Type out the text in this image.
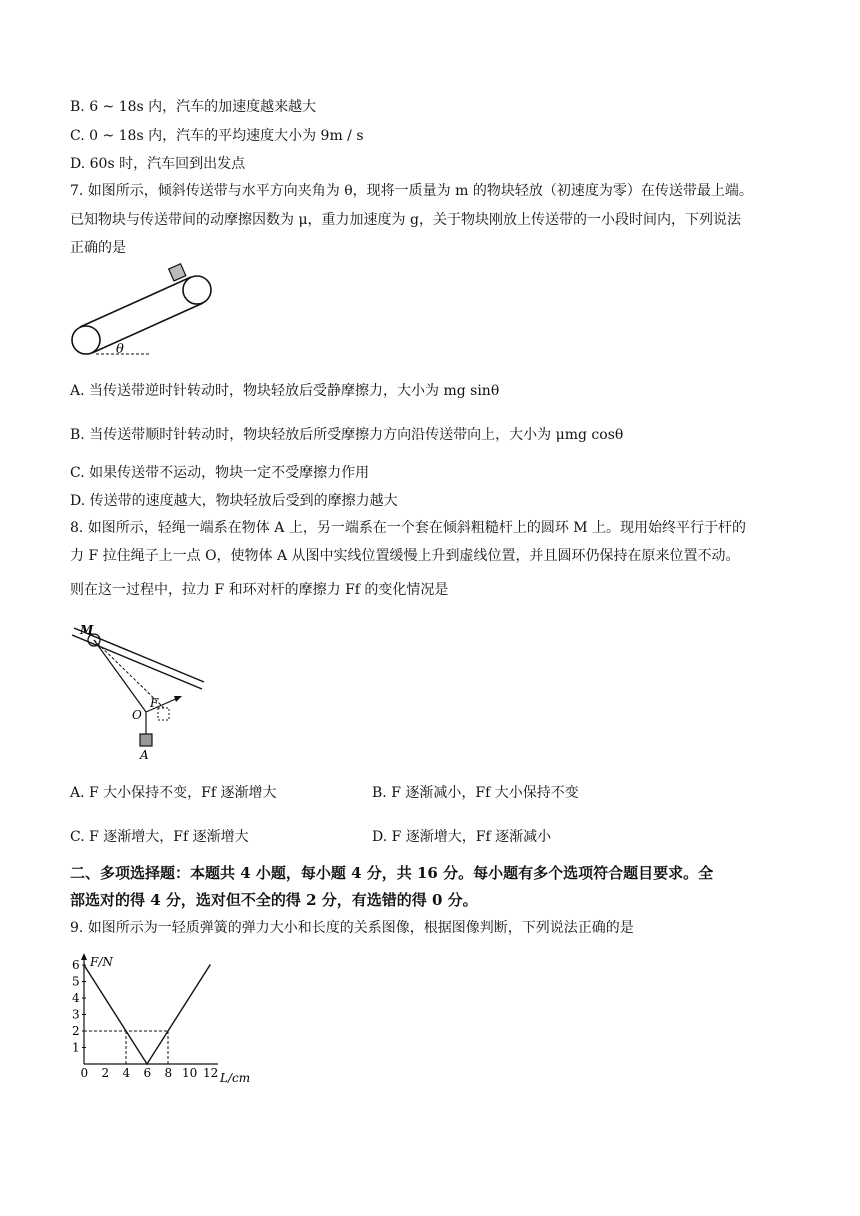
B. 6 ~ 18s 内，汽车的加速度越来越大
C. 0 ~ 18s 内，汽车的平均速度大小为 9m / s
D. 60s 时，汽车回到出发点
7. 如图所示，倾斜传送带与水平方向夹角为 θ，现将一质量为 m 的物块轻放（初速度为零）在传送带最上端。
已知物块与传送带间的动摩擦因数为 μ，重力加速度为 g，关于物块刚放上传送带的一小段时间内，下列说法
正确的是
θ
A. 当传送带逆时针转动时，物块轻放后受静摩擦力，大小为 mg sinθ
B. 当传送带顺时针转动时，物块轻放后所受摩擦力方向沿传送带向上，大小为 μmg cosθ
C. 如果传送带不运动，物块一定不受摩擦力作用
D. 传送带的速度越大，物块轻放后受到的摩擦力越大
8. 如图所示，轻绳一端系在物体 A 上，另一端系在一个套在倾斜粗糙杆上的圆环 M 上。现用始终平行于杆的
力 F 拉住绳子上一点 O，使物体 A 从图中实线位置缓慢上升到虚线位置，并且圆环仍保持在原来位置不动。
则在这一过程中，拉力 F 和环对杆的摩擦力 Ff 的变化情况是
M
F
O
A
A. F 大小保持不变，Ff 逐渐增大	B. F 逐渐减小，Ff 大小保持不变
C. F 逐渐增大，Ff 逐渐增大	D. F 逐渐增大，Ff 逐渐减小
二、多项选择题：本题共 4 小题，每小题 4 分，共 16 分。每小题有多个选项符合题目要求。全
部选对的得 4 分，选对但不全的得 2 分，有选错的得 0 分。
9. 如图所示为一轻质弹簧的弹力大小和长度的关系图像，根据图像判断，下列说法正确的是
F/N
L/cm
0 2 4 6 8 10 12
1
2
3
4
5
6
